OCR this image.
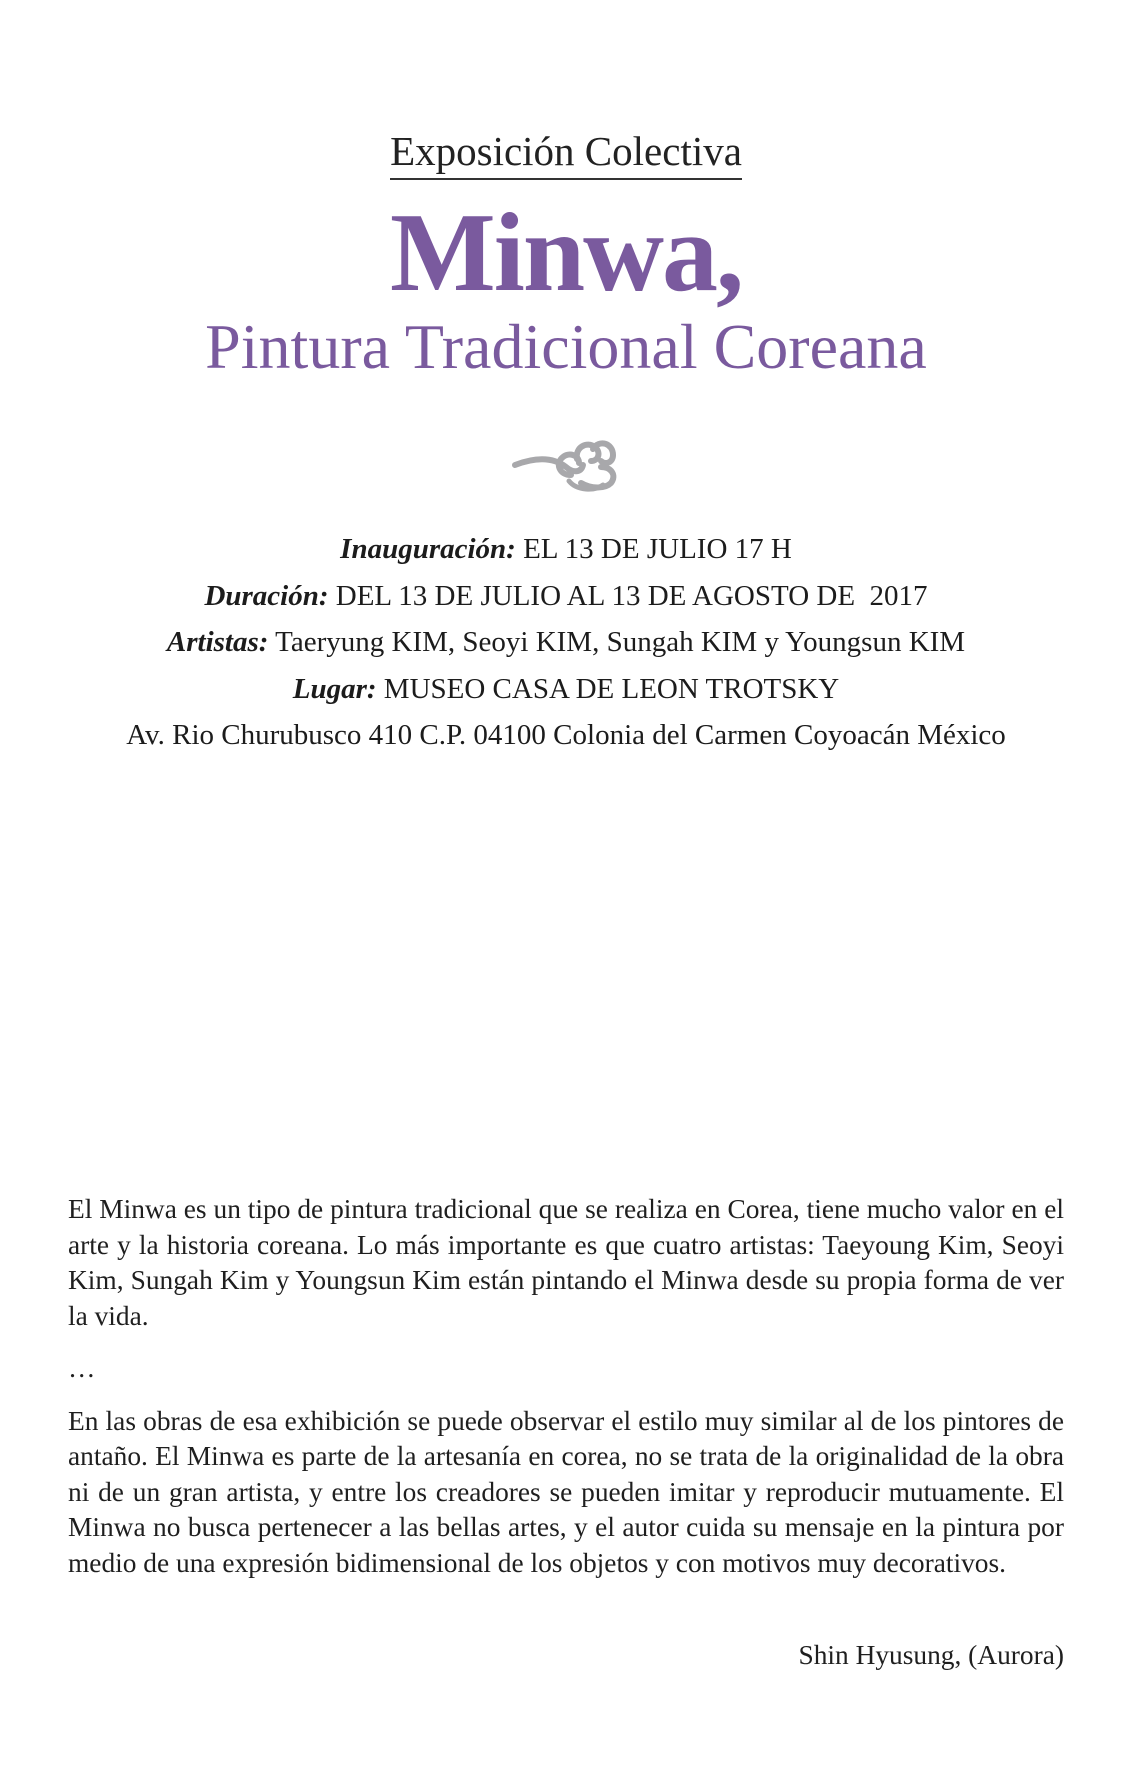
Exposición Colectiva
Minwa,
Pintura Tradicional Coreana
Inauguración: EL 13 DE JULIO 17 H
Duración: DEL 13 DE JULIO AL 13 DE AGOSTO DE  2017
Artistas: Taeryung KIM, Seoyi KIM, Sungah KIM y Youngsun KIM
Lugar: MUSEO CASA DE LEON TROTSKY
Av. Rio Churubusco 410 C.P. 04100 Colonia del Carmen Coyoacán México

El Minwa es un tipo de pintura tradicional que se realiza en Corea, tiene mucho valor en el arte y la historia coreana. Lo más importante es que cuatro artistas: Taeyoung Kim, Seoyi Kim, Sungah Kim y Youngsun Kim están pintando el Minwa desde su propia forma de ver la vida.

…

En las obras de esa exhibición se puede observar el estilo muy similar al de los pintores de antaño. El Minwa es parte de la artesanía en corea, no se trata de la originalidad de la obra ni de un gran artista, y entre los creadores se pueden imitar y reproducir mutuamente. El Minwa no busca pertenecer a las bellas artes, y el autor cuida su mensaje en la pintura por medio de una expresión bidimensional de los objetos y con motivos muy decorativos.

Shin Hyusung, (Aurora)
